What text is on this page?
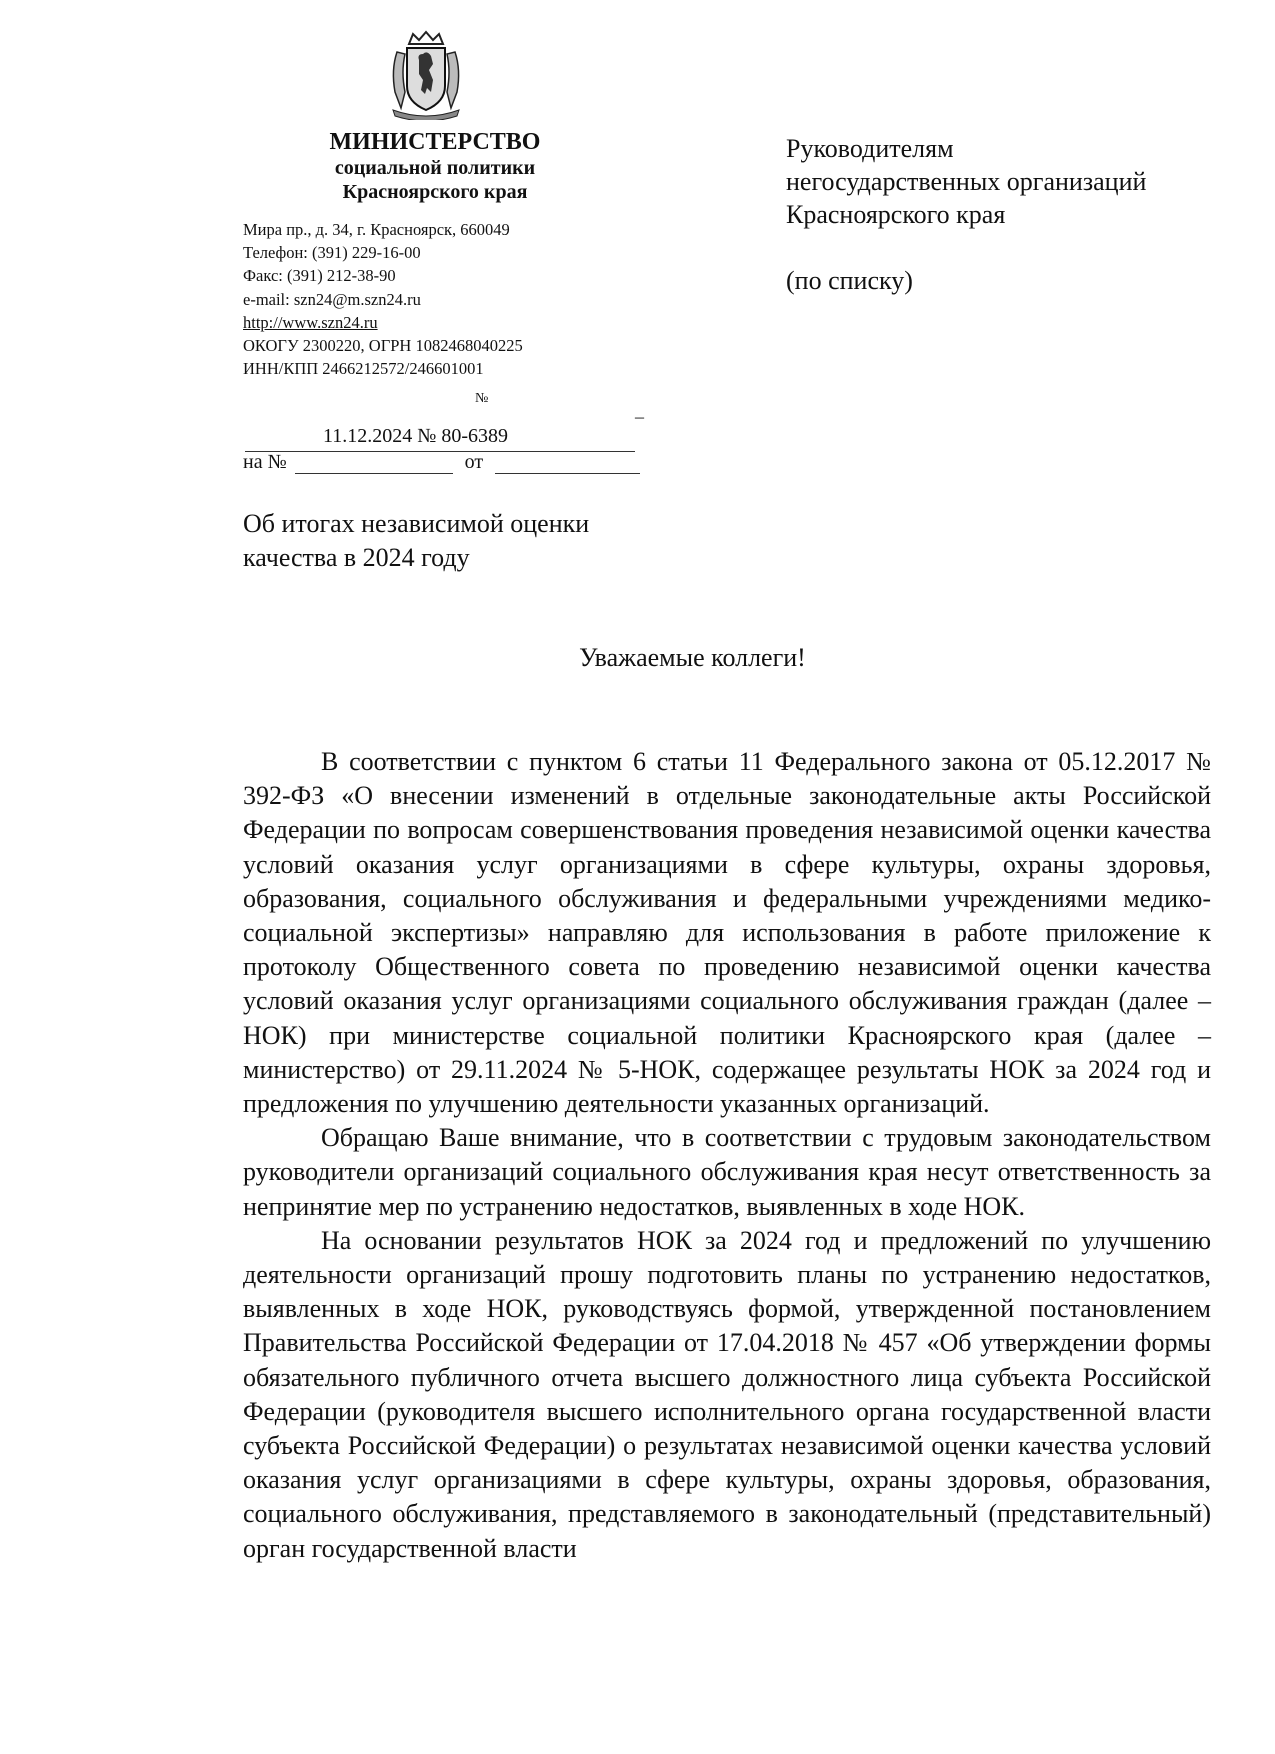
МИНИСТЕРСТВО
социальной политики
Красноярского края
Мира пр., д. 34, г. Красноярск, 660049
Телефон: (391) 229-16-00
Факс: (391) 212-38-90
e-mail: szn24@m.szn24.ru
http://www.szn24.ru
ОКОГУ 2300220, ОГРН 1082468040225
ИНН/КПП 2466212572/246601001
Руководителям
негосударственных организаций
Красноярского края
(по списку)
№
_
11.12.2024 № 80-6389
на №	от
Об итогах независимой оценки
качества в 2024 году
Уважаемые коллеги!

В соответствии с пунктом 6 статьи 11 Федерального закона от 05.12.2017 № 392-ФЗ «О внесении изменений в отдельные законодательные акты Российской Федерации по вопросам совершенствования проведения независимой оценки качества условий оказания услуг организациями в сфере культуры, охраны здоровья, образования, социального обслуживания и федеральными учреждениями медико-социальной экспертизы» направляю для использования в работе приложение к протоколу Общественного совета по проведению независимой оценки качества условий оказания услуг организациями социального обслуживания граждан (далее – НОК) при министерстве социальной политики Красноярского края (далее – министерство) от 29.11.2024 № 5-НОК, содержащее результаты НОК за 2024 год и предложения по улучшению деятельности указанных организаций.

Обращаю Ваше внимание, что в соответствии с трудовым законодательством руководители организаций социального обслуживания края несут ответственность за непринятие мер по устранению недостатков, выявленных в ходе НОК.

На основании результатов НОК за 2024 год и предложений по улучшению деятельности организаций прошу подготовить планы по устранению недостатков, выявленных в ходе НОК, руководствуясь формой, утвержденной постановлением Правительства Российской Федерации от 17.04.2018 № 457 «Об утверждении формы обязательного публичного отчета высшего должностного лица субъекта Российской Федерации (руководителя высшего исполнительного органа государственной власти субъекта Российской Федерации) о результатах независимой оценки качества условий оказания услуг организациями в сфере культуры, охраны здоровья, образования, социального обслуживания, представляемого в законодательный (представительный) орган государственной власти
